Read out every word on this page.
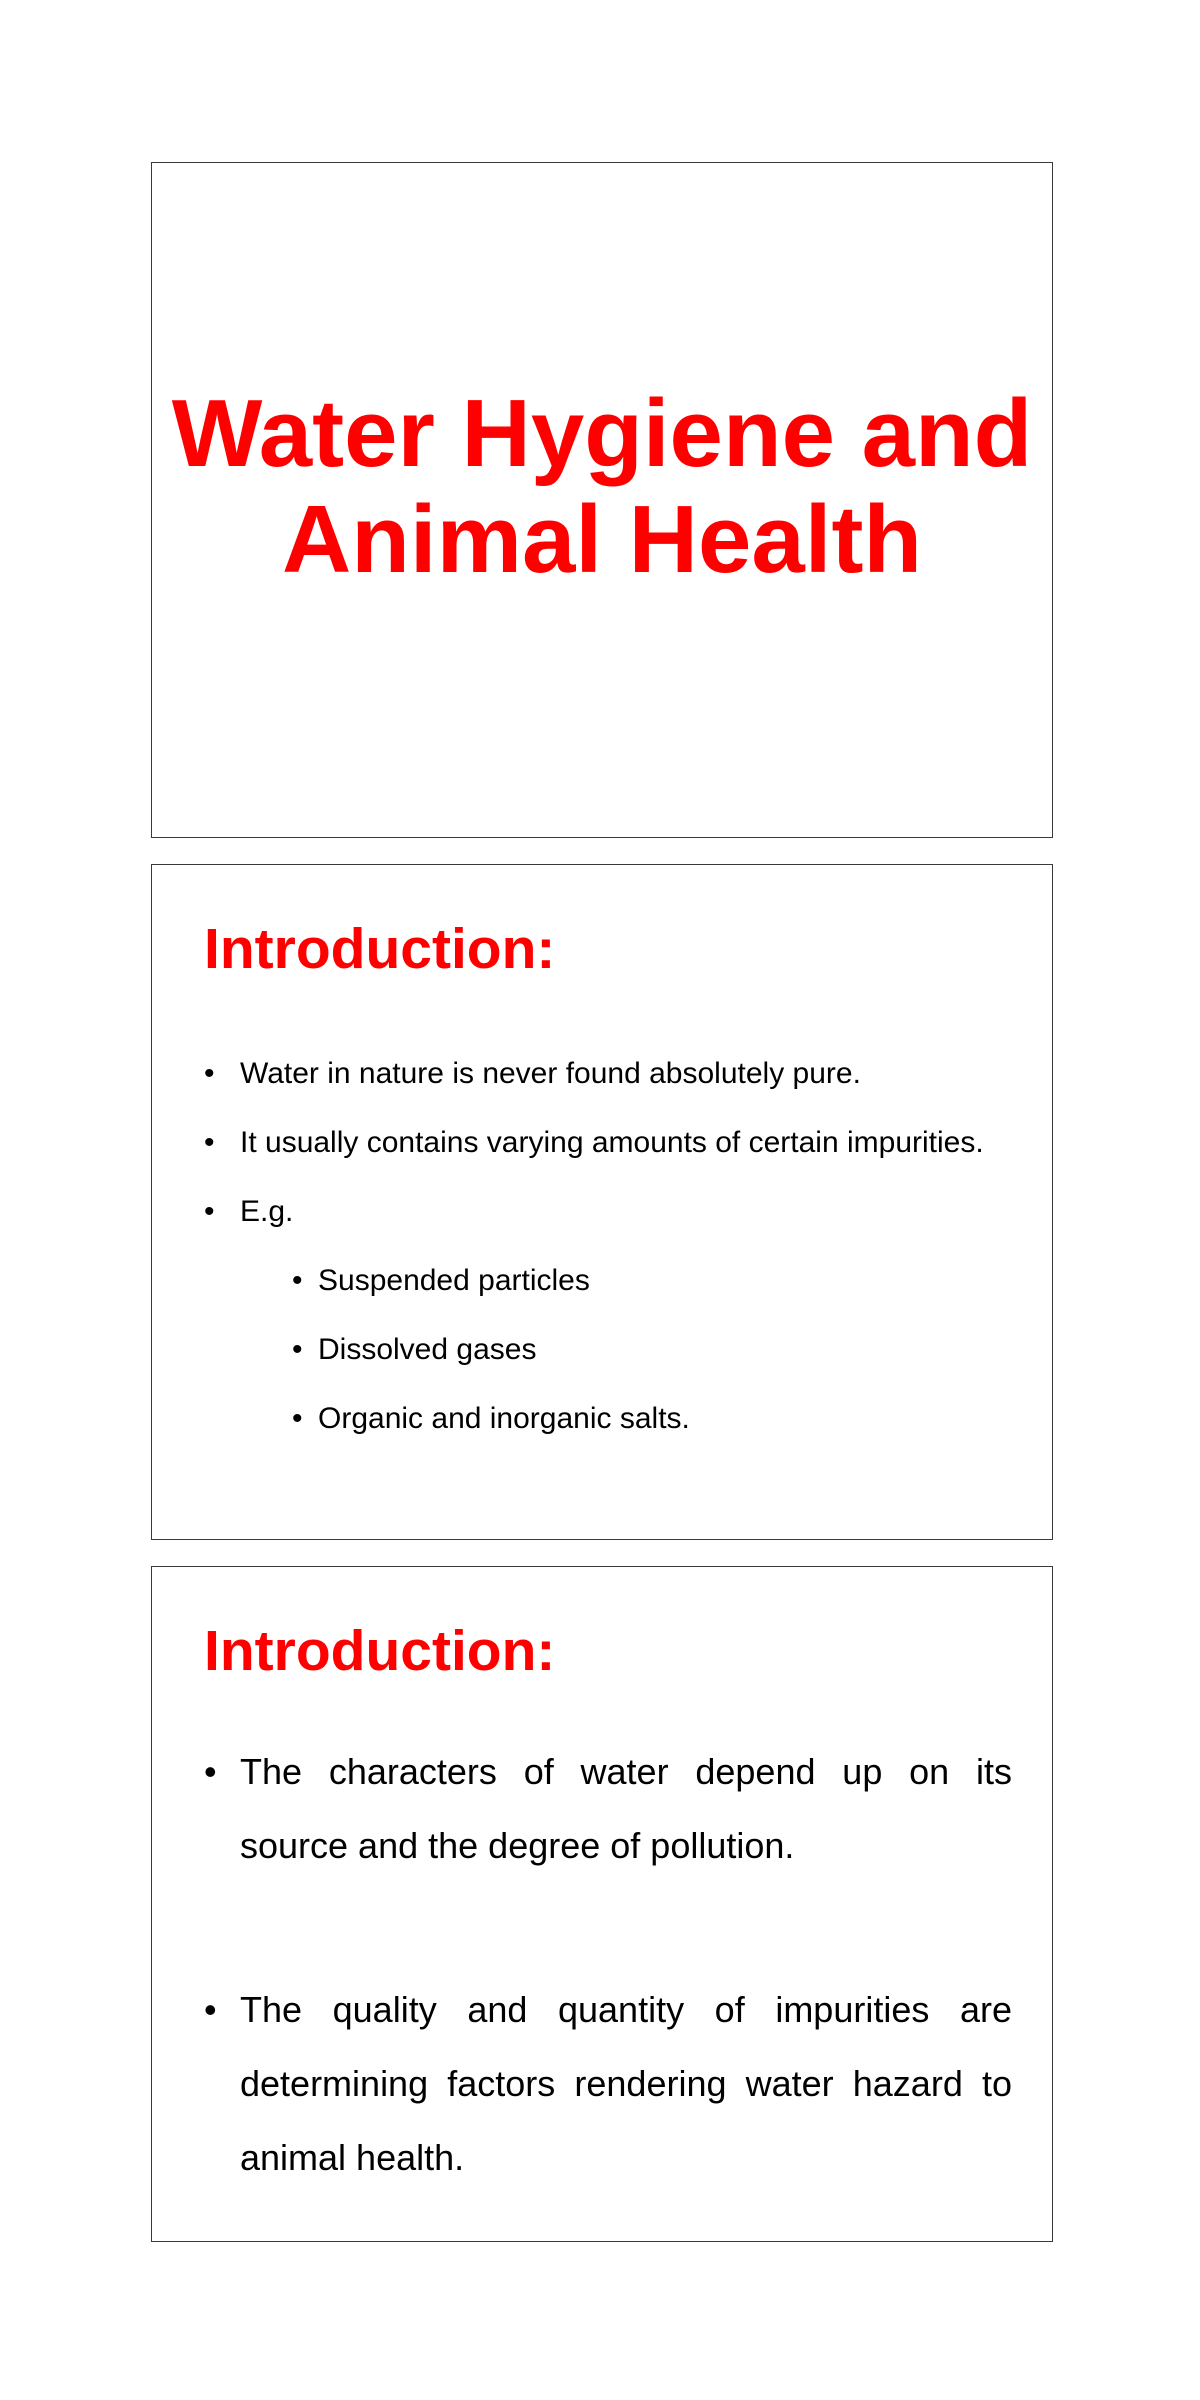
Water Hygiene and Animal Health
Introduction:
• Water in nature is never found absolutely pure.
• It usually contains varying amounts of certain impurities.
• E.g.
• Suspended particles
• Dissolved gases
• Organic and inorganic salts.
Introduction:
• The characters of water depend up on its source and the degree of pollution.
• The quality and quantity of impurities are determining factors rendering water hazard to animal health.
